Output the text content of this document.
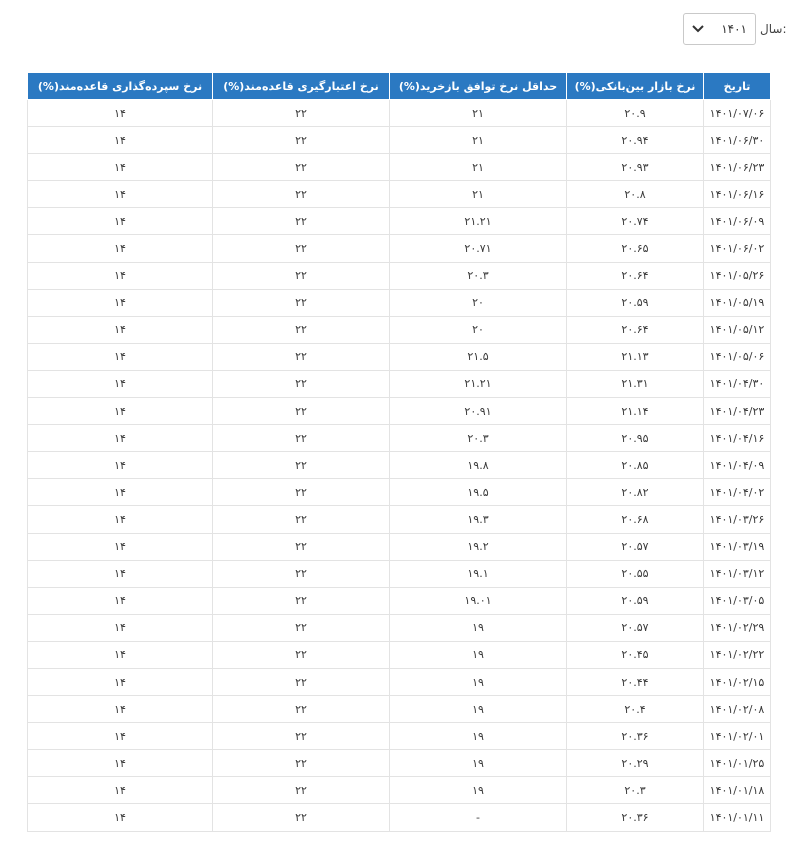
سال:
۱۴۰۱
تاریخ	نرخ بازار بین‌بانکی(%)	حداقل نرخ توافق بازخرید(%)	نرخ اعتبارگیری قاعده‌مند(%)	نرخ سپرده‌گذاری قاعده‌مند(%)
۱۴۰۱/۰۷/۰۶	۲۰.۹	۲۱	۲۲	۱۴
۱۴۰۱/۰۶/۳۰	۲۰.۹۴	۲۱	۲۲	۱۴
۱۴۰۱/۰۶/۲۳	۲۰.۹۳	۲۱	۲۲	۱۴
۱۴۰۱/۰۶/۱۶	۲۰.۸	۲۱	۲۲	۱۴
۱۴۰۱/۰۶/۰۹	۲۰.۷۴	۲۱.۲۱	۲۲	۱۴
۱۴۰۱/۰۶/۰۲	۲۰.۶۵	۲۰.۷۱	۲۲	۱۴
۱۴۰۱/۰۵/۲۶	۲۰.۶۴	۲۰.۳	۲۲	۱۴
۱۴۰۱/۰۵/۱۹	۲۰.۵۹	۲۰	۲۲	۱۴
۱۴۰۱/۰۵/۱۲	۲۰.۶۴	۲۰	۲۲	۱۴
۱۴۰۱/۰۵/۰۶	۲۱.۱۳	۲۱.۵	۲۲	۱۴
۱۴۰۱/۰۴/۳۰	۲۱.۳۱	۲۱.۲۱	۲۲	۱۴
۱۴۰۱/۰۴/۲۳	۲۱.۱۴	۲۰.۹۱	۲۲	۱۴
۱۴۰۱/۰۴/۱۶	۲۰.۹۵	۲۰.۳	۲۲	۱۴
۱۴۰۱/۰۴/۰۹	۲۰.۸۵	۱۹.۸	۲۲	۱۴
۱۴۰۱/۰۴/۰۲	۲۰.۸۲	۱۹.۵	۲۲	۱۴
۱۴۰۱/۰۳/۲۶	۲۰.۶۸	۱۹.۳	۲۲	۱۴
۱۴۰۱/۰۳/۱۹	۲۰.۵۷	۱۹.۲	۲۲	۱۴
۱۴۰۱/۰۳/۱۲	۲۰.۵۵	۱۹.۱	۲۲	۱۴
۱۴۰۱/۰۳/۰۵	۲۰.۵۹	۱۹.۰۱	۲۲	۱۴
۱۴۰۱/۰۲/۲۹	۲۰.۵۷	۱۹	۲۲	۱۴
۱۴۰۱/۰۲/۲۲	۲۰.۴۵	۱۹	۲۲	۱۴
۱۴۰۱/۰۲/۱۵	۲۰.۴۴	۱۹	۲۲	۱۴
۱۴۰۱/۰۲/۰۸	۲۰.۴	۱۹	۲۲	۱۴
۱۴۰۱/۰۲/۰۱	۲۰.۳۶	۱۹	۲۲	۱۴
۱۴۰۱/۰۱/۲۵	۲۰.۲۹	۱۹	۲۲	۱۴
۱۴۰۱/۰۱/۱۸	۲۰.۳	۱۹	۲۲	۱۴
۱۴۰۱/۰۱/۱۱	۲۰.۳۶	-	۲۲	۱۴
